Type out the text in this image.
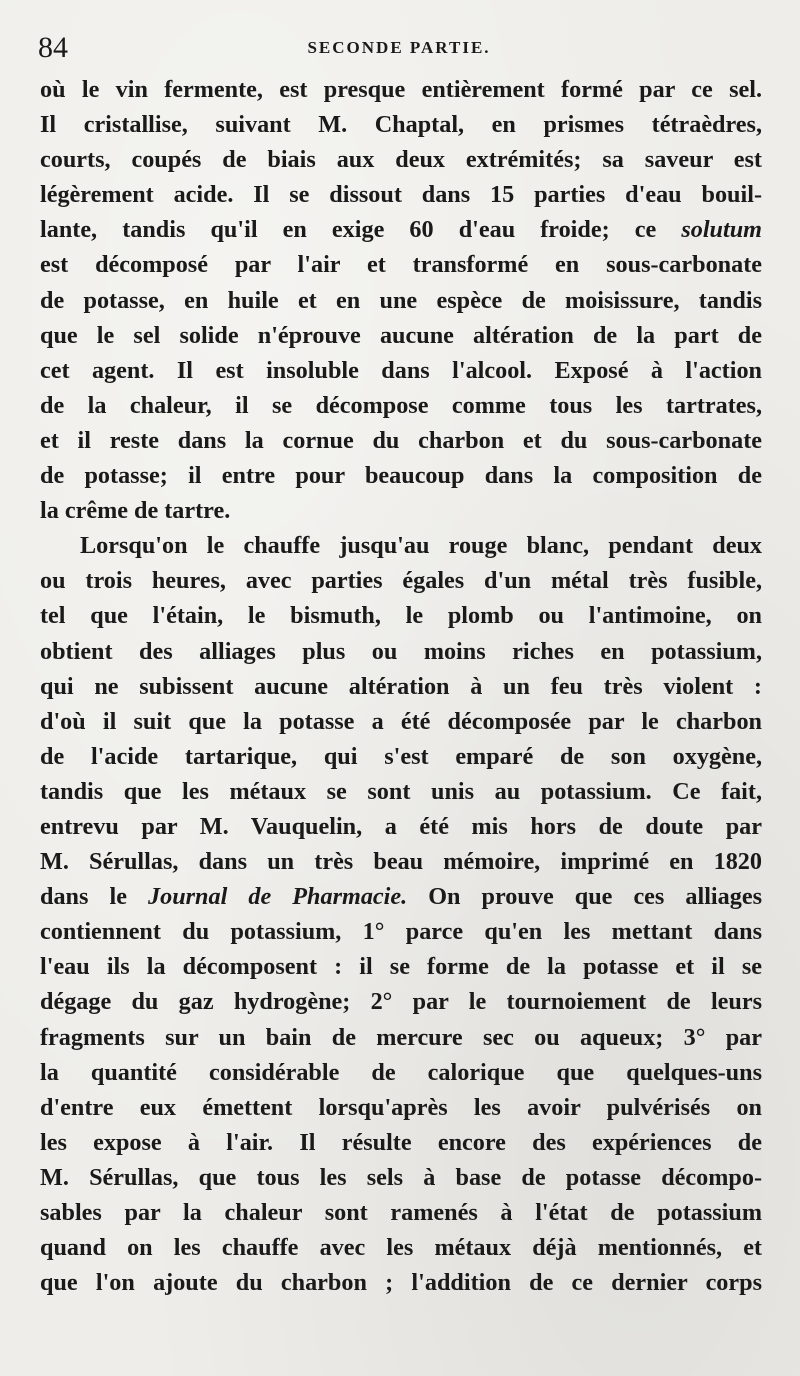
84	SECONDE PARTIE.
où le vin fermente, est presque entièrement formé par ce sel.
Il cristallise, suivant M. Chaptal, en prismes tétraèdres,
courts, coupés de biais aux deux extrémités; sa saveur est
légèrement acide. Il se dissout dans 15 parties d'eau bouil-
lante, tandis qu'il en exige 60 d'eau froide; ce solutum
est décomposé par l'air et transformé en sous-carbonate
de potasse, en huile et en une espèce de moisissure, tandis
que le sel solide n'éprouve aucune altération de la part de
cet agent. Il est insoluble dans l'alcool. Exposé à l'action
de la chaleur, il se décompose comme tous les tartrates,
et il reste dans la cornue du charbon et du sous-carbonate
de potasse; il entre pour beaucoup dans la composition de
la crême de tartre.
Lorsqu'on le chauffe jusqu'au rouge blanc, pendant deux
ou trois heures, avec parties égales d'un métal très fusible,
tel que l'étain, le bismuth, le plomb ou l'antimoine, on
obtient des alliages plus ou moins riches en potassium,
qui ne subissent aucune altération à un feu très violent :
d'où il suit que la potasse a été décomposée par le charbon
de l'acide tartarique, qui s'est emparé de son oxygène,
tandis que les métaux se sont unis au potassium. Ce fait,
entrevu par M. Vauquelin, a été mis hors de doute par
M. Sérullas, dans un très beau mémoire, imprimé en 1820
dans le Journal de Pharmacie. On prouve que ces alliages
contiennent du potassium, 1° parce qu'en les mettant dans
l'eau ils la décomposent : il se forme de la potasse et il se
dégage du gaz hydrogène; 2° par le tournoiement de leurs
fragments sur un bain de mercure sec ou aqueux; 3° par
la quantité considérable de calorique que quelques-uns
d'entre eux émettent lorsqu'après les avoir pulvérisés on
les expose à l'air. Il résulte encore des expériences de
M. Sérullas, que tous les sels à base de potasse décompo-
sables par la chaleur sont ramenés à l'état de potassium
quand on les chauffe avec les métaux déjà mentionnés, et
que l'on ajoute du charbon ; l'addition de ce dernier corps
